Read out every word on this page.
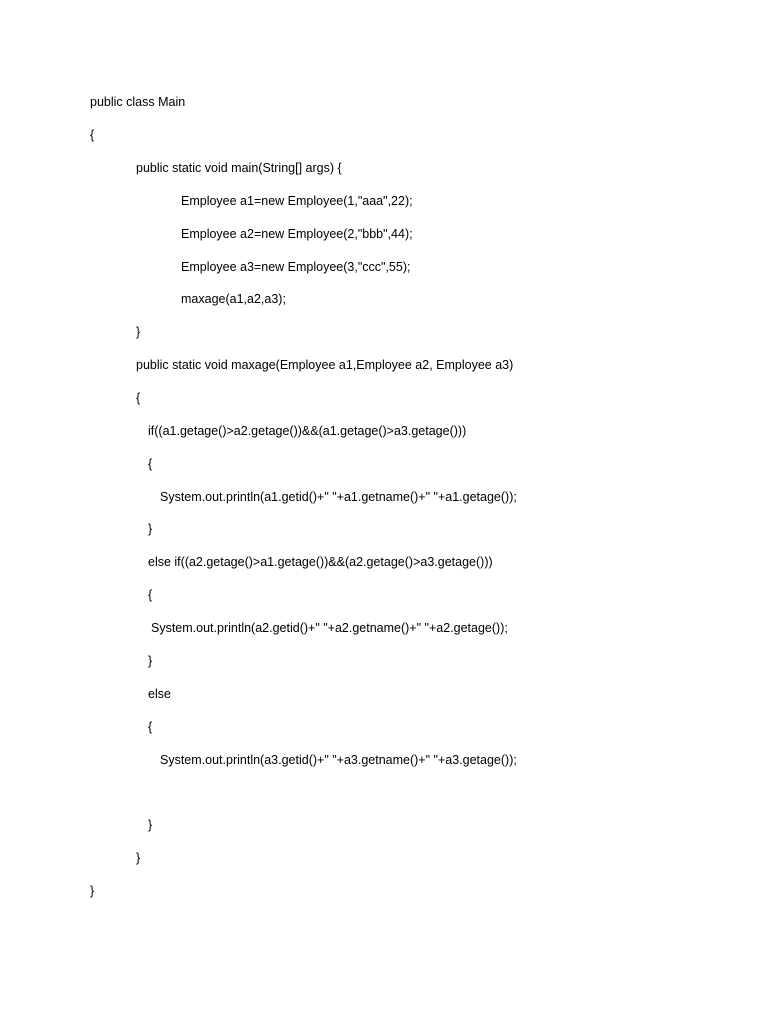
public class Main
{
public static void main(String[] args) {
Employee a1=new Employee(1,"aaa",22);
Employee a2=new Employee(2,"bbb",44);
Employee a3=new Employee(3,"ccc",55);
maxage(a1,a2,a3);
}
public static void maxage(Employee a1,Employee a2, Employee a3)
{
if((a1.getage()>a2.getage())&&(a1.getage()>a3.getage()))
{
System.out.println(a1.getid()+" "+a1.getname()+" "+a1.getage());
}
else if((a2.getage()>a1.getage())&&(a2.getage()>a3.getage()))
{
System.out.println(a2.getid()+" "+a2.getname()+" "+a2.getage());
}
else
{
System.out.println(a3.getid()+" "+a3.getname()+" "+a3.getage());
}
}
}
